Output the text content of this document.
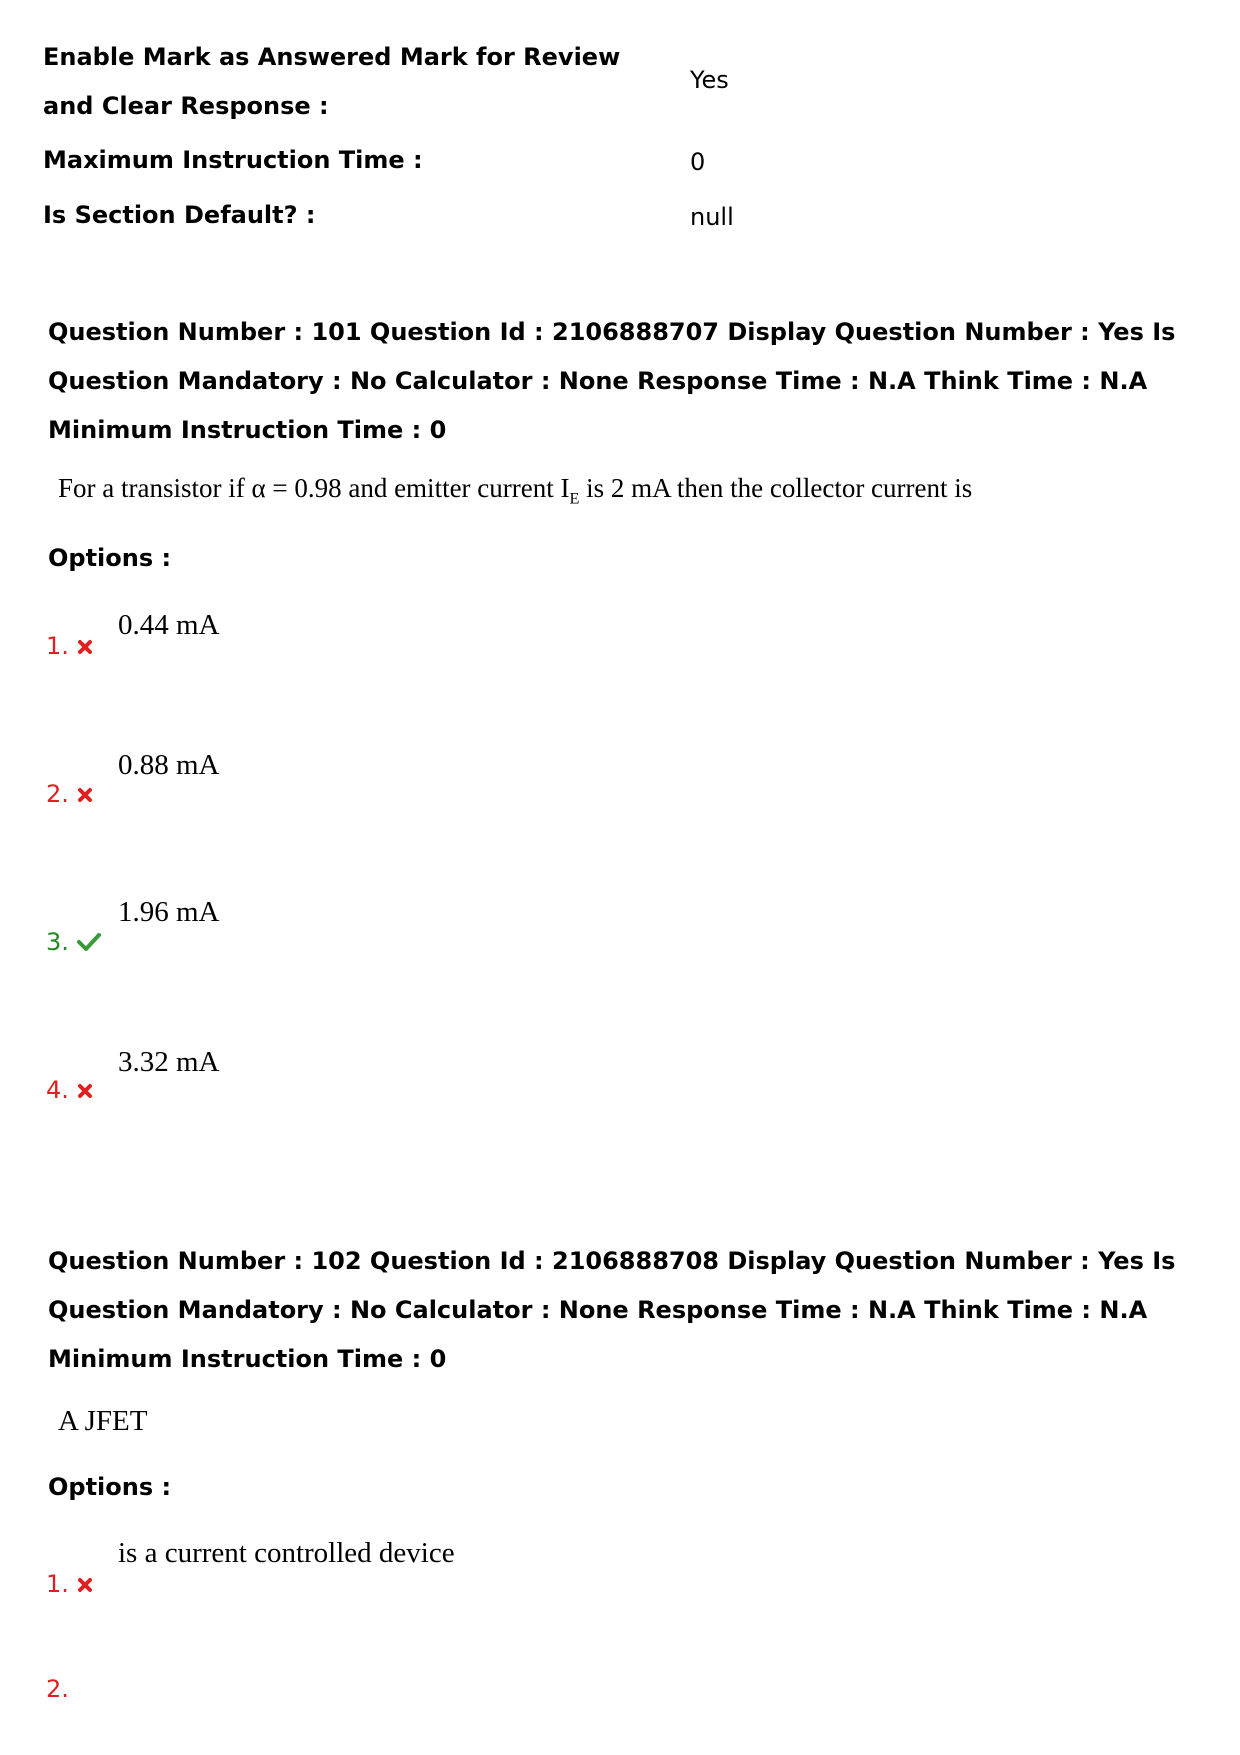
Enable Mark as Answered Mark for Review and Clear Response :
Yes
Maximum Instruction Time :	0
Is Section Default? :	null
Question Number : 101 Question Id : 2106888707 Display Question Number : Yes Is Question Mandatory : No Calculator : None Response Time : N.A Think Time : N.A Minimum Instruction Time : 0
For a transistor if α = 0.98 and emitter current $I_E$ is 2 mA then the collector current is
Options :
0.44 mA
1.
0.88 mA
2.
1.96 mA
3.
3.32 mA
4.
Question Number : 102 Question Id : 2106888708 Display Question Number : Yes Is Question Mandatory : No Calculator : None Response Time : N.A Think Time : N.A Minimum Instruction Time : 0
A JFET
Options :
is a current controlled device
1.
2.
